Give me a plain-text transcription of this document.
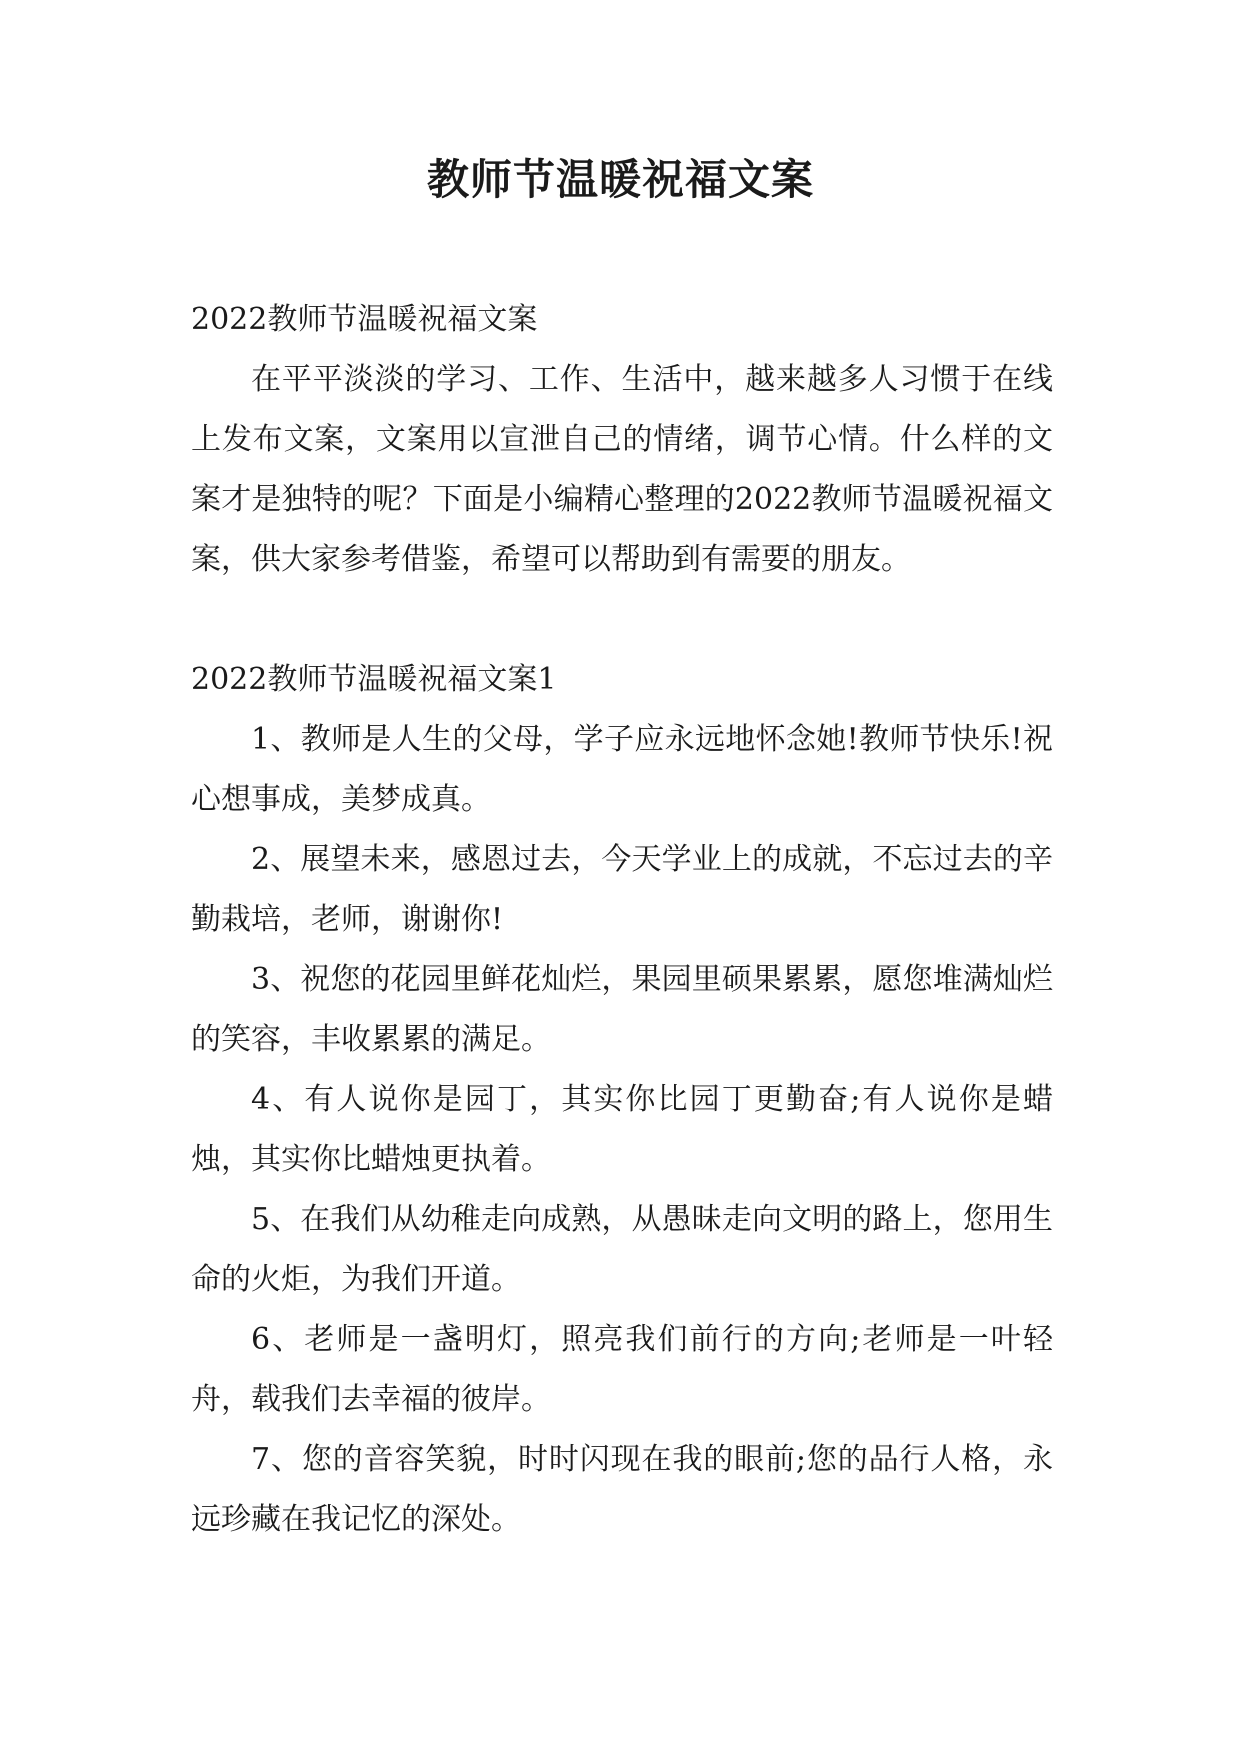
教师节温暖祝福文案

2022教师节温暖祝福文案

在平平淡淡的学习、工作、生活中，越来越多人习惯于在线上发布文案，文案用以宣泄自己的情绪，调节心情。什么样的文案才是独特的呢？下面是小编精心整理的2022教师节温暖祝福文案，供大家参考借鉴，希望可以帮助到有需要的朋友。

2022教师节温暖祝福文案1

1、教师是人生的父母，学子应永远地怀念她!教师节快乐!祝心想事成，美梦成真。

2、展望未来，感恩过去，今天学业上的成就，不忘过去的辛勤栽培，老师，谢谢你!

3、祝您的花园里鲜花灿烂，果园里硕果累累，愿您堆满灿烂的笑容，丰收累累的满足。

4、有人说你是园丁，其实你比园丁更勤奋;有人说你是蜡烛，其实你比蜡烛更执着。

5、在我们从幼稚走向成熟，从愚昧走向文明的路上，您用生命的火炬，为我们开道。

6、老师是一盏明灯，照亮我们前行的方向;老师是一叶轻舟，载我们去幸福的彼岸。

7、您的音容笑貌，时时闪现在我的眼前;您的品行人格，永远珍藏在我记忆的深处。
